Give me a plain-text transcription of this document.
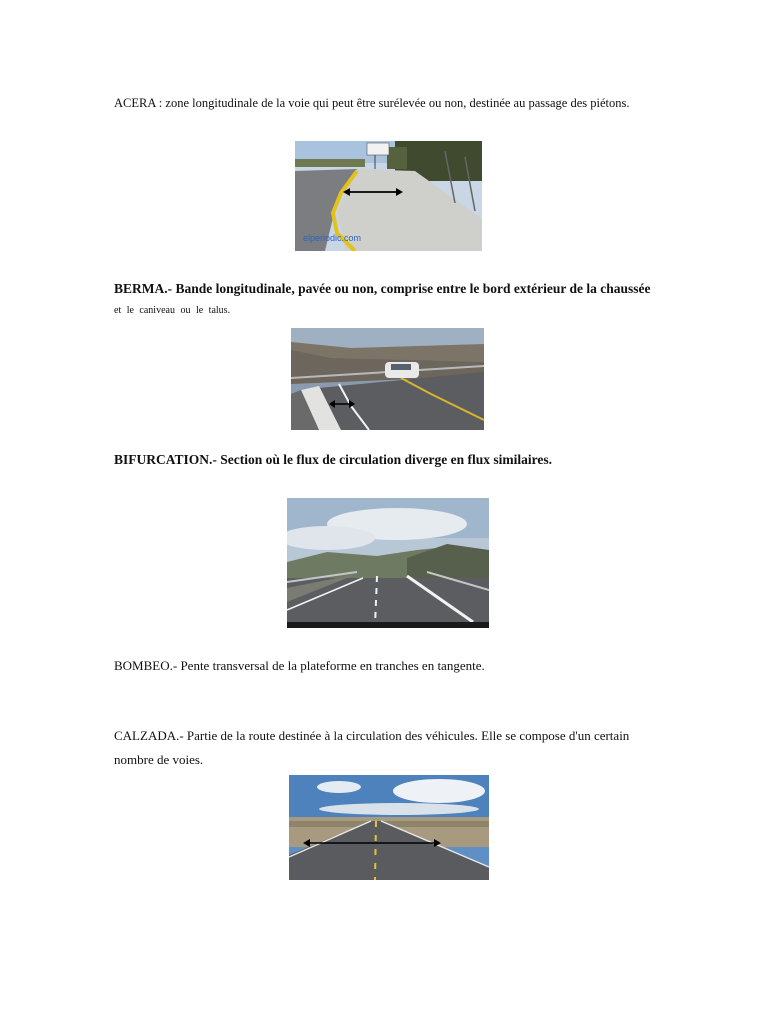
ACERA : zone longitudinale de la voie qui peut être surélevée ou non, destinée au passage des piétons.

elperiodic.com

BERMA.- Bande longitudinale, pavée ou non, comprise entre le bord extérieur de la chaussée

et le caniveau ou le talus.

BIFURCATION.- Section où le flux de circulation diverge en flux similaires.

BOMBEO.- Pente transversal de la plateforme en tranches en tangente.

CALZADA.- Partie de la route destinée à la circulation des véhicules. Elle se compose d'un certain nombre de voies.
